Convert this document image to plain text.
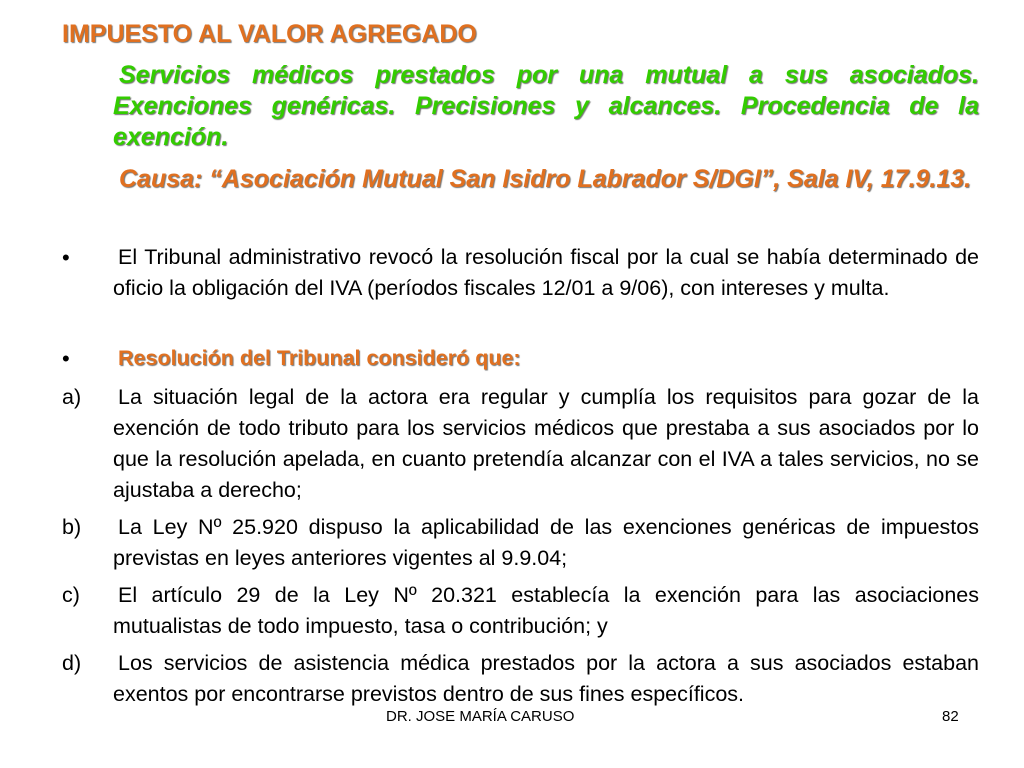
IMPUESTO AL VALOR AGREGADO
Servicios médicos prestados por una mutual a sus asociados. Exenciones genéricas. Precisiones y alcances. Procedencia de la exención.
Causa: “Asociación Mutual San Isidro Labrador S/DGI”, Sala IV, 17.9.13.
• El Tribunal administrativo revocó la resolución fiscal por la cual se había determinado de oficio la obligación del IVA (períodos fiscales 12/01 a 9/06), con intereses y multa.
• Resolución del Tribunal consideró que:
a) La situación legal de la actora era regular y cumplía los requisitos para gozar de la exención de todo tributo para los servicios médicos que prestaba a sus asociados por lo que la resolución apelada, en cuanto pretendía alcanzar con el IVA a tales servicios, no se ajustaba a derecho;
b) La Ley Nº 25.920 dispuso la aplicabilidad de las exenciones genéricas de impuestos previstas en leyes anteriores vigentes al 9.9.04;
c) El artículo 29 de la Ley Nº 20.321 establecía la exención para las asociaciones mutualistas de todo impuesto, tasa o contribución; y
d) Los servicios de asistencia médica prestados por la actora a sus asociados estaban exentos por encontrarse previstos dentro de sus fines específicos.
DR. JOSE MARÍA CARUSO	82
